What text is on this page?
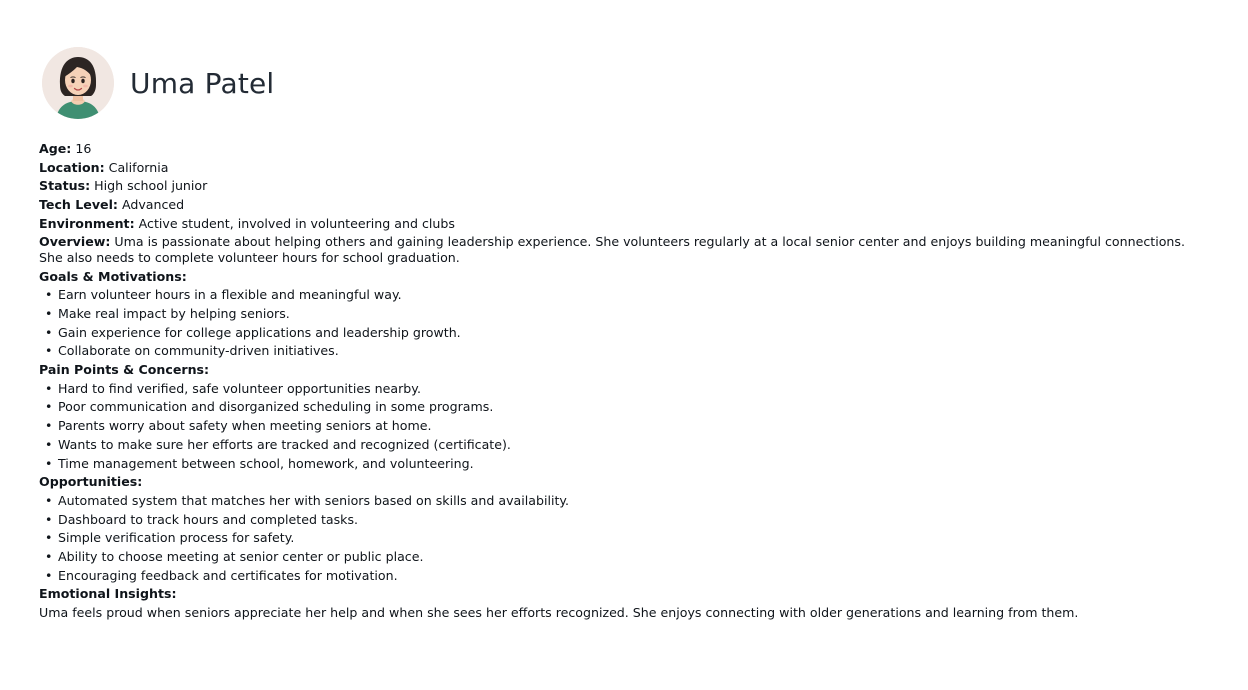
Uma Patel
Age: 16
Location: California
Status: High school junior
Tech Level: Advanced
Environment: Active student, involved in volunteering and clubs
Overview: Uma is passionate about helping others and gaining leadership experience. She volunteers regularly at a local senior center and enjoys building meaningful connections. She also needs to complete volunteer hours for school graduation.
Goals & Motivations:
• Earn volunteer hours in a flexible and meaningful way.
• Make real impact by helping seniors.
• Gain experience for college applications and leadership growth.
• Collaborate on community-driven initiatives.
Pain Points & Concerns:
• Hard to find verified, safe volunteer opportunities nearby.
• Poor communication and disorganized scheduling in some programs.
• Parents worry about safety when meeting seniors at home.
• Wants to make sure her efforts are tracked and recognized (certificate).
• Time management between school, homework, and volunteering.
Opportunities:
• Automated system that matches her with seniors based on skills and availability.
• Dashboard to track hours and completed tasks.
• Simple verification process for safety.
• Ability to choose meeting at senior center or public place.
• Encouraging feedback and certificates for motivation.
Emotional Insights:
Uma feels proud when seniors appreciate her help and when she sees her efforts recognized. She enjoys connecting with older generations and learning from them.
